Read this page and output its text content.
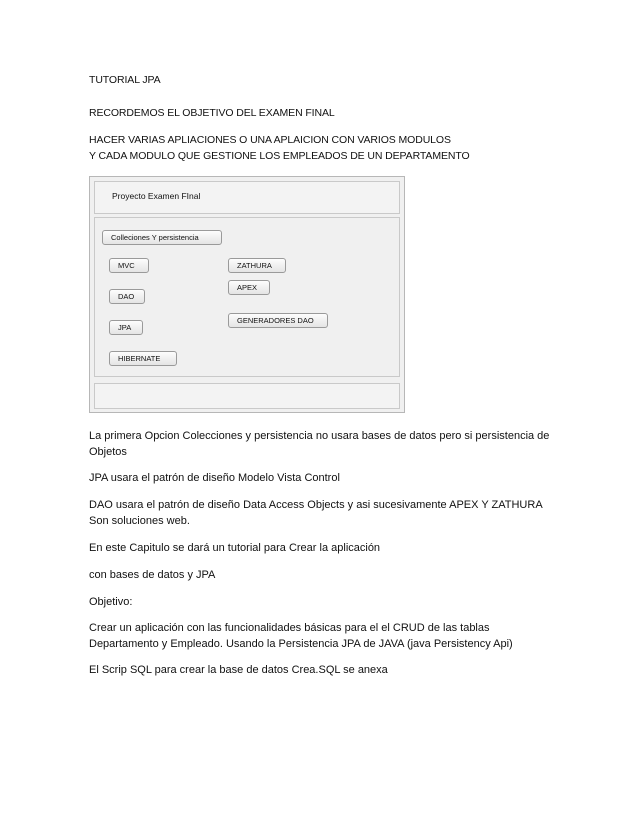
TUTORIAL JPA

RECORDEMOS EL OBJETIVO DEL EXAMEN FINAL

HACER VARIAS APLIACIONES O UNA APLAICION CON VARIOS MODULOS

Y CADA MODULO QUE GESTIONE LOS EMPLEADOS DE UN DEPARTAMENTO

Proyecto Examen FInal
Colleciones Y persistencia
MVC
DAO
JPA
HIBERNATE
ZATHURA
APEX
GENERADORES DAO

La primera Opcion Colecciones y persistencia no usara bases de datos pero si persistencia de Objetos

JPA usara el patrón de diseño Modelo Vista Control

DAO usara el patrón de diseño Data Access Objects y asi sucesivamente APEX Y ZATHURA Son soluciones web.

En este Capitulo se dará un tutorial para Crear la aplicación

con bases de datos y JPA

Objetivo:

Crear un aplicación con las funcionalidades básicas para el el CRUD de las tablas Departamento y Empleado. Usando la Persistencia JPA de JAVA (java Persistency Api)

El Scrip SQL para crear la base de datos Crea.SQL se anexa
